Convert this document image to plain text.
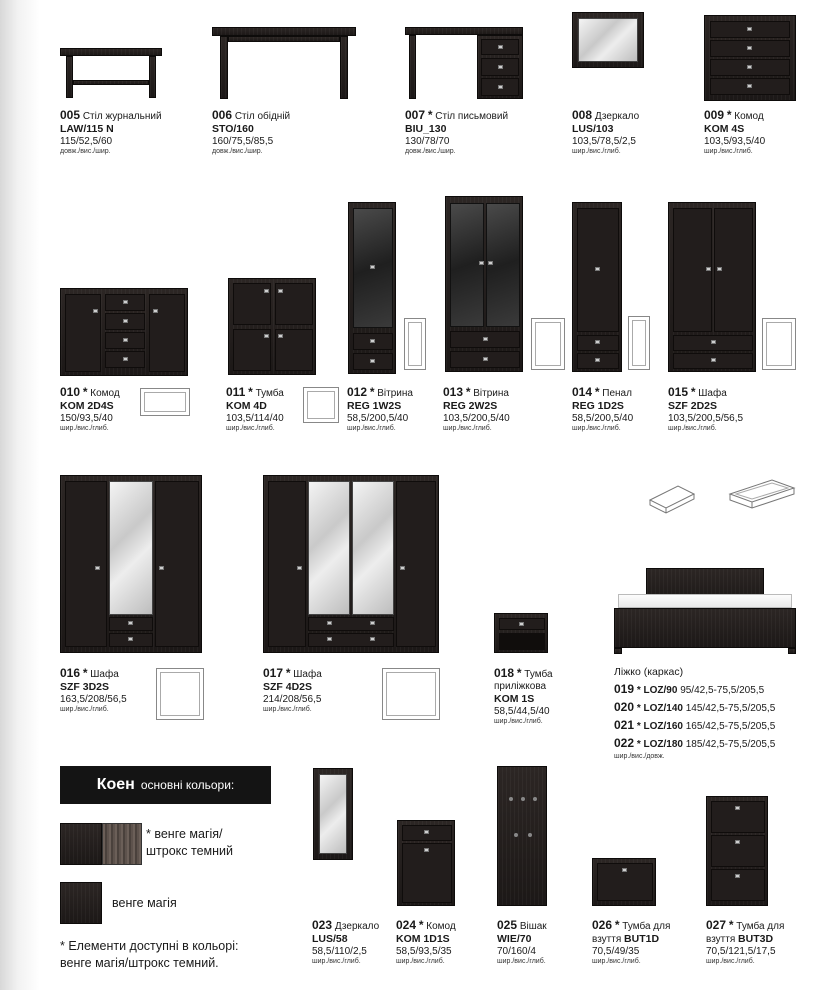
005 Стіл журнальний
LAW/115 N
115/52,5/60
довж./вис./шир.
006 Стіл обідній
STO/160
160/75,5/85,5
довж./вис./шир.
007 * Стіл письмовий
BIU_130
130/78/70
довж./вис./шир.
008 Дзеркало
LUS/103
103,5/78,5/2,5
шир./вис./глиб.
009 * Комод
KOM 4S
103,5/93,5/40
шир./вис./глиб.
010 * Комод
KOM 2D4S
150/93,5/40
шир./вис./глиб.
011 * Тумба
KOM 4D
103,5/114/40
шир./вис./глиб.
012 * Вітрина
REG 1W2S
58,5/200,5/40
шир./вис./глиб.
013 * Вітрина
REG 2W2S
103,5/200,5/40
шир./вис./глиб.
014 * Пенал
REG 1D2S
58,5/200,5/40
шир./вис./глиб.
015 * Шафа
SZF 2D2S
103,5/200,5/56,5
шир./вис./глиб.
016 * Шафа
SZF 3D2S
163,5/208/56,5
шир./вис./глиб.
017 * Шафа
SZF 4D2S
214/208/56,5
шир./вис./глиб.
018 * Тумба
приліжкова
KOM 1S
58,5/44,5/40
шир./вис./глиб.
Ліжко (каркас)
019 * LOZ/90 95/42,5-75,5/205,5
020 * LOZ/140 145/42,5-75,5/205,5
021 * LOZ/160 165/42,5-75,5/205,5
022 * LOZ/180 185/42,5-75,5/205,5
шир./вис./довж.
Коен основні кольори:
* венге магія/ штрокс темний
венге магія
* Елементи доступні в кольорі: венге магія/штрокс темний.
023 Дзеркало
LUS/58
58,5/110/2,5
шир./вис./глиб.
024 * Комод
KOM 1D1S
58,5/93,5/35
шир./вис./глиб.
025 Вішак
WIE/70
70/160/4
шир./вис./глиб.
026 * Тумба для
взуття BUT1D
70,5/49/35
шир./вис./глиб.
027 * Тумба для
взуття BUT3D
70,5/121,5/17,5
шир./вис./глиб.
